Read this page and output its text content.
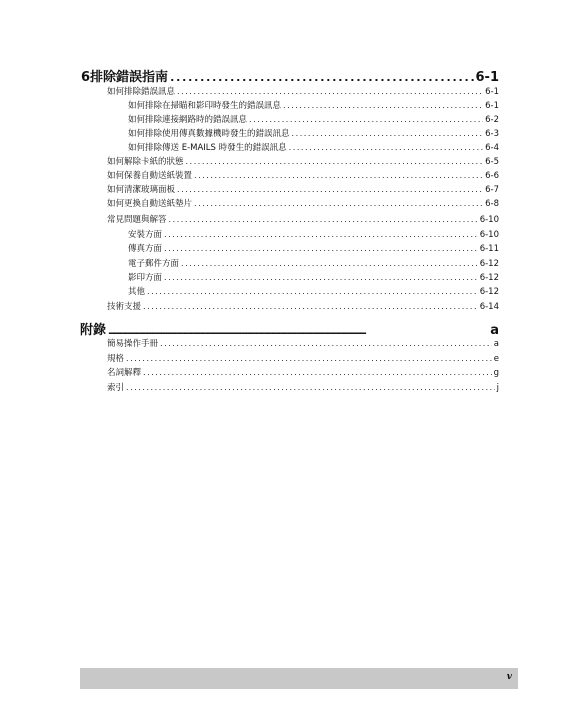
6 排除錯誤指南 . . .	6-1
如何排除錯誤訊息 . . .	6-1
如何排除在掃瞄和影印時發生的錯誤訊息 . . .	6-1
如何排除連接網路時的錯誤訊息 . . .	6-2
如何排除使用傳真數據機時發生的錯誤訊息 . . .	6-3
如何排除傳送 E-MAILS 時發生的錯誤訊息 . . .	6-4
如何解除卡紙的狀態 . . .	6-5
如何保養自動送紙裝置 . . .	6-6
如何清潔玻璃面板 . . .	6-7
如何更換自動送紙墊片 . . .	6-8
常見問題與解答 . . .	6-10
安裝方面 . . .	6-10
傳真方面 . . .	6-11
電子郵件方面 . . .	6-12
影印方面 . . .	6-12
其他 . . .	6-12
技術支援 . . .	6-14
附錄 . . .	a
簡易操作手冊 . . .	a
規格 . . .	e
名詞解釋 . . .	g
索引 . . .	j
v
